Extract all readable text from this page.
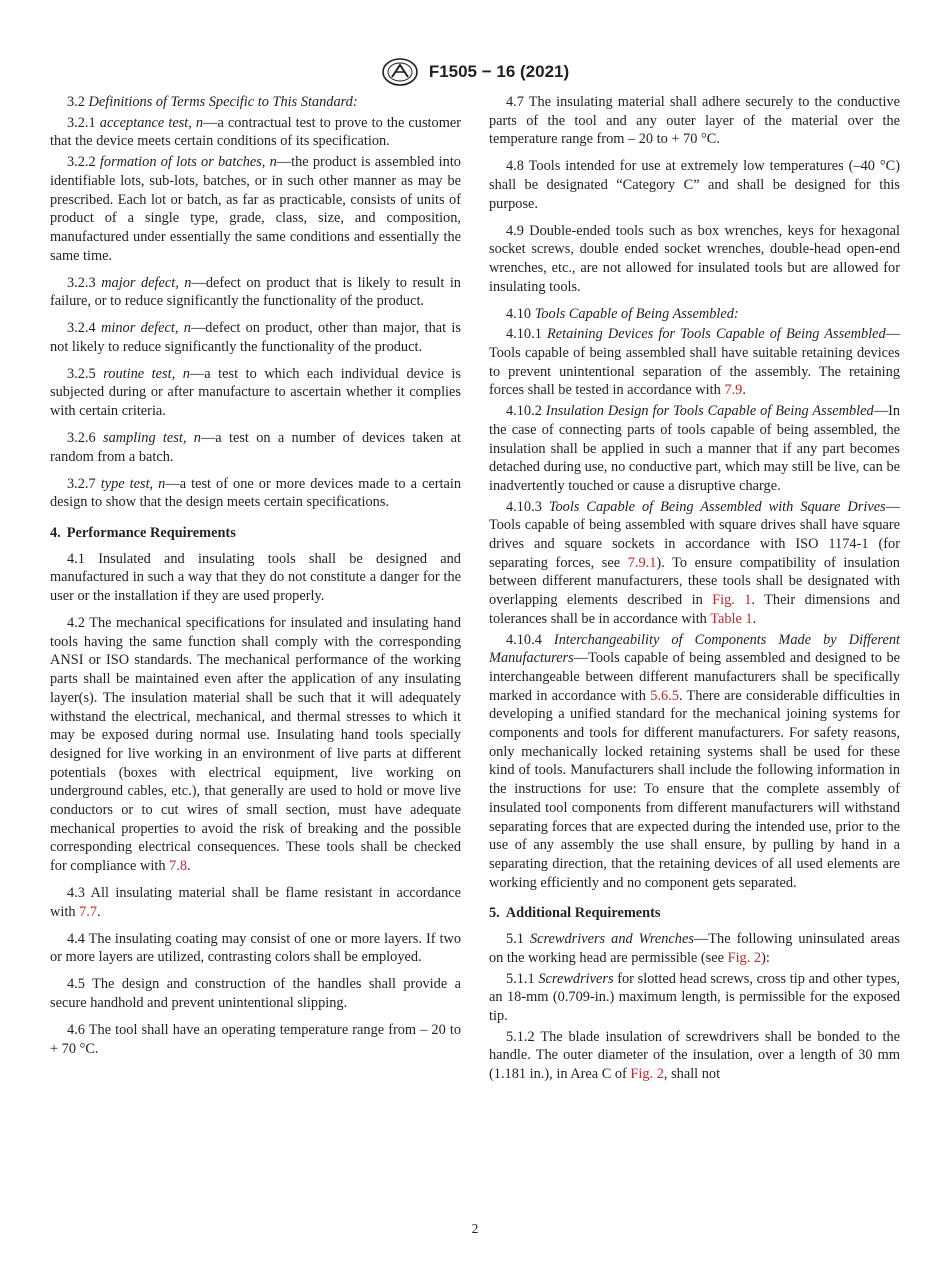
F1505 − 16 (2021)

3.2 Definitions of Terms Specific to This Standard:

3.2.1 acceptance test, n—a contractual test to prove to the customer that the device meets certain conditions of its specification.

3.2.2 formation of lots or batches, n—the product is assembled into identifiable lots, sub-lots, batches, or in such other manner as may be prescribed. Each lot or batch, as far as practicable, consists of units of product of a single type, grade, class, size, and composition, manufactured under essentially the same conditions and essentially the same time.

3.2.3 major defect, n—defect on product that is likely to result in failure, or to reduce significantly the functionality of the product.

3.2.4 minor defect, n—defect on product, other than major, that is not likely to reduce significantly the functionality of the product.

3.2.5 routine test, n—a test to which each individual device is subjected during or after manufacture to ascertain whether it complies with certain criteria.

3.2.6 sampling test, n—a test on a number of devices taken at random from a batch.

3.2.7 type test, n—a test of one or more devices made to a certain design to show that the design meets certain specifications.

4. Performance Requirements

4.1 Insulated and insulating tools shall be designed and manufactured in such a way that they do not constitute a danger for the user or the installation if they are used properly.

4.2 The mechanical specifications for insulated and insulating hand tools having the same function shall comply with the corresponding ANSI or ISO standards. The mechanical performance of the working parts shall be maintained even after the application of any insulating layer(s). The insulation material shall be such that it will adequately withstand the electrical, mechanical, and thermal stresses to which it may be exposed during normal use. Insulating hand tools specially designed for live working in an environment of live parts at different potentials (boxes with electrical equipment, live working on underground cables, etc.), that generally are used to hold or move live conductors or to cut wires of small section, must have adequate mechanical properties to avoid the risk of breaking and the possible corresponding electrical consequences. These tools shall be checked for compliance with 7.8.

4.3 All insulating material shall be flame resistant in accordance with 7.7.

4.4 The insulating coating may consist of one or more layers. If two or more layers are utilized, contrasting colors shall be employed.

4.5 The design and construction of the handles shall provide a secure handhold and prevent unintentional slipping.

4.6 The tool shall have an operating temperature range from – 20 to + 70 °C.

4.7 The insulating material shall adhere securely to the conductive parts of the tool and any outer layer of the material over the temperature range from – 20 to + 70 °C.

4.8 Tools intended for use at extremely low temperatures (–40 °C) shall be designated “Category C” and shall be designed for this purpose.

4.9 Double-ended tools such as box wrenches, keys for hexagonal socket screws, double ended socket wrenches, double-head open-end wrenches, etc., are not allowed for insulated tools but are allowed for insulating tools.

4.10 Tools Capable of Being Assembled:

4.10.1 Retaining Devices for Tools Capable of Being Assembled—Tools capable of being assembled shall have suitable retaining devices to prevent unintentional separation of the assembly. The retaining forces shall be tested in accordance with 7.9.

4.10.2 Insulation Design for Tools Capable of Being Assembled—In the case of connecting parts of tools capable of being assembled, the insulation shall be applied in such a manner that if any part becomes detached during use, no conductive part, which may still be live, can be inadvertently touched or cause a disruptive charge.

4.10.3 Tools Capable of Being Assembled with Square Drives—Tools capable of being assembled with square drives shall have square drives and square sockets in accordance with ISO 1174-1 (for separating forces, see 7.9.1). To ensure compatibility of insulation between different manufacturers, these tools shall be designated with overlapping elements described in Fig. 1. Their dimensions and tolerances shall be in accordance with Table 1.

4.10.4 Interchangeability of Components Made by Different Manufacturers—Tools capable of being assembled and designed to be interchangeable between different manufacturers shall be specifically marked in accordance with 5.6.5. There are considerable difficulties in developing a unified standard for the mechanical joining systems for components and tools for different manufacturers. For safety reasons, only mechanically locked retaining systems shall be used for these kind of tools. Manufacturers shall include the following information in the instructions for use: To ensure that the complete assembly of insulated tool components from different manufacturers will withstand separating forces that are expected during the intended use, prior to the use of any assembly the use shall ensure, by pulling by hand in a separating direction, that the retaining devices of all used elements are working efficiently and no component gets separated.

5. Additional Requirements

5.1 Screwdrivers and Wrenches—The following uninsulated areas on the working head are permissible (see Fig. 2):

5.1.1 Screwdrivers for slotted head screws, cross tip and other types, an 18-mm (0.709-in.) maximum length, is permissible for the exposed tip.

5.1.2 The blade insulation of screwdrivers shall be bonded to the handle. The outer diameter of the insulation, over a length of 30 mm (1.181 in.), in Area C of Fig. 2, shall not

2
